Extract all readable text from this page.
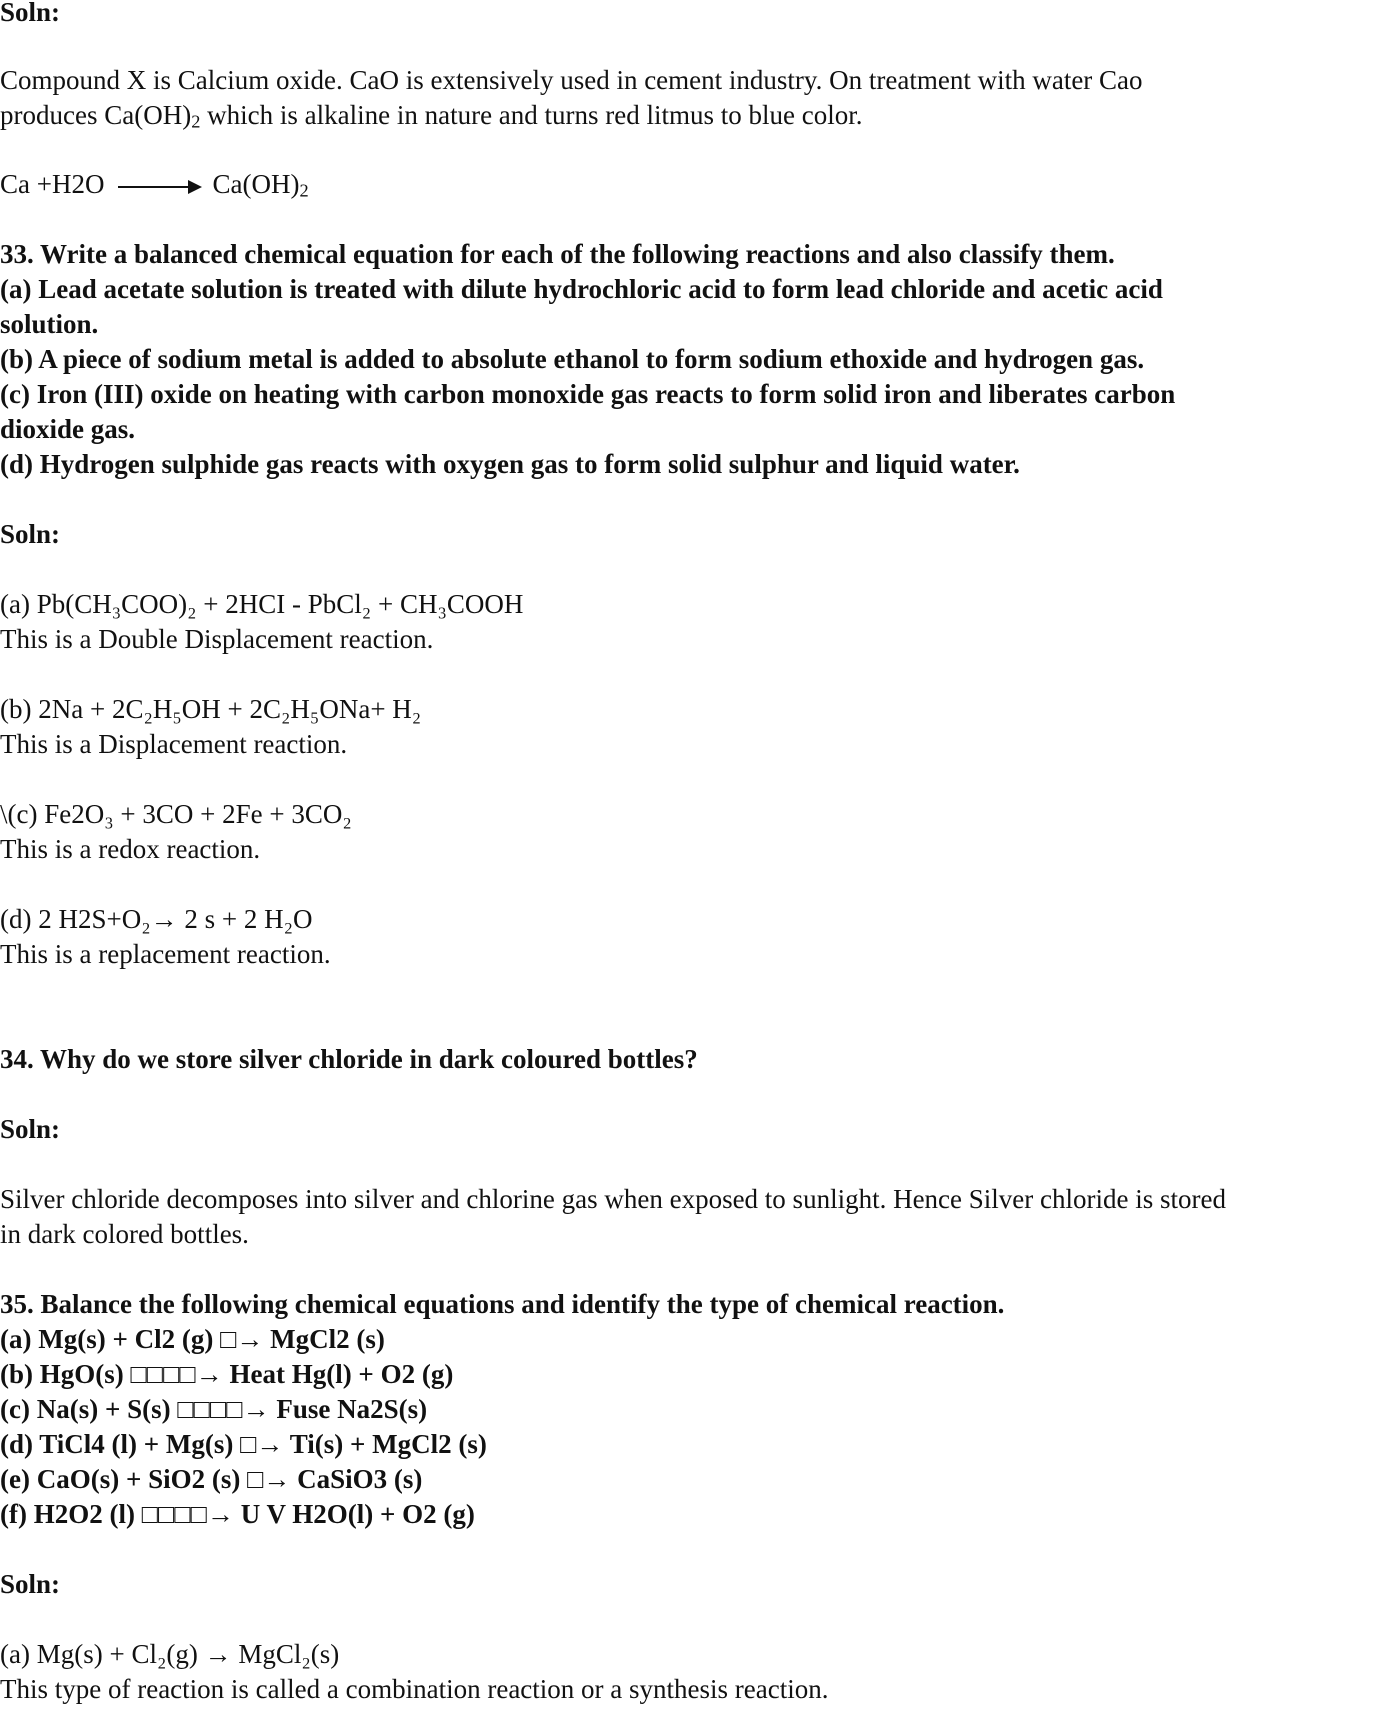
Soln:
Compound X is Calcium oxide. CaO is extensively used in cement industry. On treatment with water Cao
produces $Ca(OH)_2$ which is alkaline in nature and turns red litmus to blue color.
$Ca +H2O \to Ca(OH)_2$
33. Write a balanced chemical equation for each of the following reactions and also classify them.
(a) Lead acetate solution is treated with dilute hydrochloric acid to form lead chloride and acetic acid
solution.
(b) A piece of sodium metal is added to absolute ethanol to form sodium ethoxide and hydrogen gas.
(c) Iron (III) oxide on heating with carbon monoxide gas reacts to form solid iron and liberates carbon
dioxide gas.
(d) Hydrogen sulphide gas reacts with oxygen gas to form solid sulphur and liquid water.
Soln:
(a) Pb(CH₃COO)₂ + 2HCI - PbCl₂ + CH₃COOH
This is a Double Displacement reaction.
(b) 2Na + 2C₂H₅OH + 2C₂H₅ONa+ H₂
This is a Displacement reaction.
\(c) Fe2O₃ + 3CO + 2Fe + 3CO₂
This is a redox reaction.
(d) 2 H2S+O₂→ 2 s + 2 H₂O
This is a replacement reaction.
34. Why do we store silver chloride in dark coloured bottles?
Soln:
Silver chloride decomposes into silver and chlorine gas when exposed to sunlight. Hence Silver chloride is stored
in dark colored bottles.
35. Balance the following chemical equations and identify the type of chemical reaction.
(a) Mg(s) + Cl2 (g) □→ MgCl2 (s)
(b) HgO(s) □□□□→ Heat Hg(l) + O2 (g)
(c) Na(s) + S(s) □□□□→ Fuse Na2S(s)
(d) TiCl4 (l) + Mg(s) □→ Ti(s) + MgCl2 (s)
(e) CaO(s) + SiO2 (s) □→ CaSiO3 (s)
(f) H2O2 (l) □□□□→ U V H2O(l) + O2 (g)
Soln:
(a) Mg(s) + Cl₂(g) → MgCl₂(s)
This type of reaction is called a combination reaction or a synthesis reaction.
